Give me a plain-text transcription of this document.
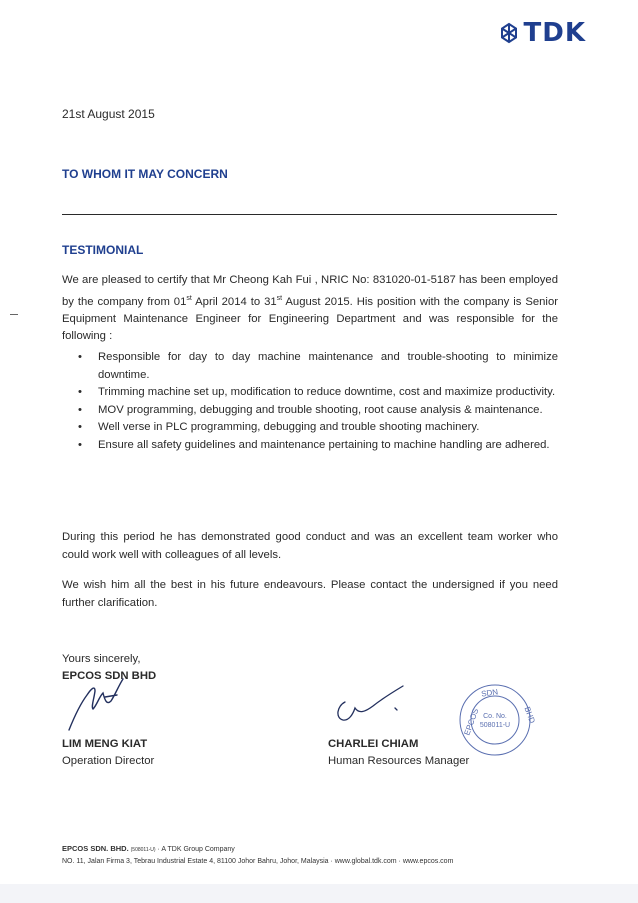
TDK
21st August 2015
TO WHOM IT MAY CONCERN
TESTIMONIAL
We are pleased to certify that Mr Cheong Kah Fui , NRIC No: 831020-01-5187 has been employed by the company from 01st April 2014 to 31st August 2015. His position with the company is Senior Equipment Maintenance Engineer for Engineering Department and was responsible for the following :
• Responsible for day to day machine maintenance and trouble-shooting to minimize downtime.
• Trimming machine set up, modification to reduce downtime, cost and maximize productivity.
• MOV programming, debugging and trouble shooting, root cause analysis & maintenance.
• Well verse in PLC programming, debugging and trouble shooting machinery.
• Ensure all safety guidelines and maintenance pertaining to machine handling are adhered.
During this period he has demonstrated good conduct and was an excellent team worker who could work well with colleagues of all levels.
We wish him all the best in his future endeavours. Please contact the undersigned if you need further clarification.
Yours sincerely,
EPCOS SDN BHD
LIM MENG KIAT
Operation Director
CHARLEI CHIAM
Human Resources Manager
SDN
EPCOS	BHD
Co. No.
508011-U
EPCOS SDN. BHD. (508011-U) · A TDK Group Company
NO. 11, Jalan Firma 3, Tebrau Industrial Estate 4, 81100 Johor Bahru, Johor, Malaysia · www.global.tdk.com · www.epcos.com
